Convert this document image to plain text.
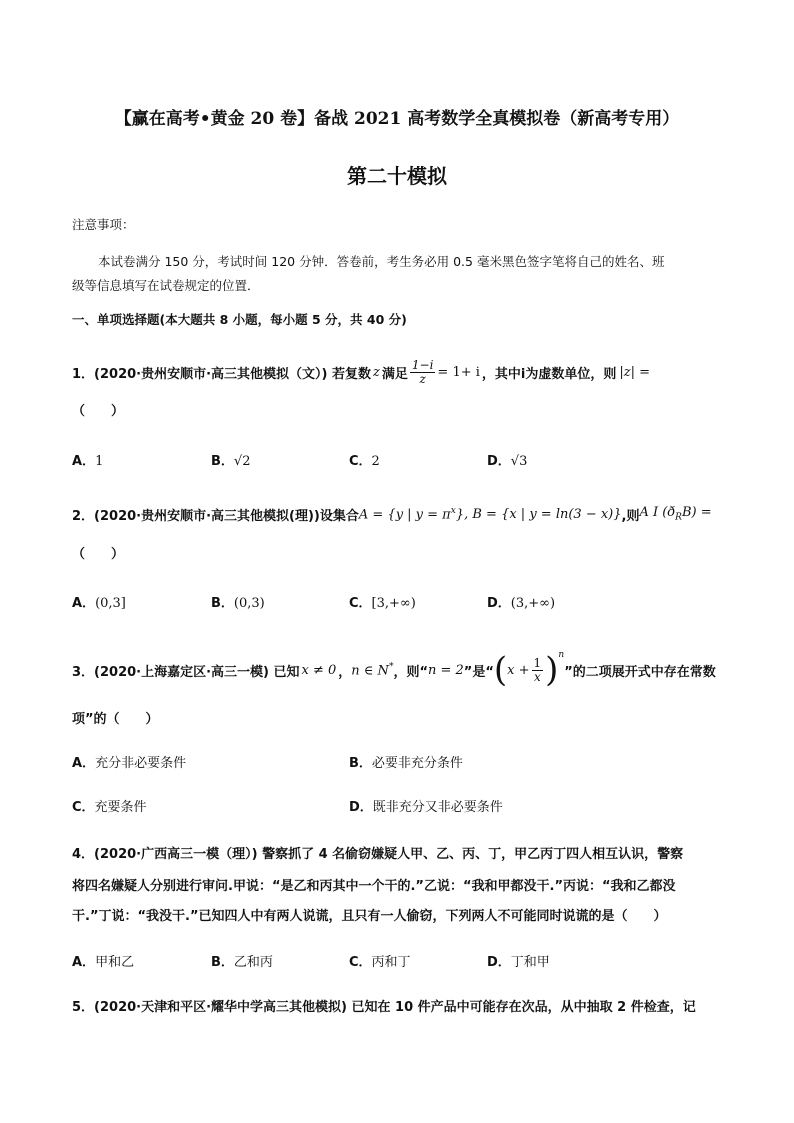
【赢在高考•黄金 20 卷】备战 2021 高考数学全真模拟卷（新高考专用）
第二十模拟
注意事项：
本试卷满分 150 分，考试时间 120 分钟．答卷前，考生务必用 0.5 毫米黑色签字笔将自己的姓名、班
级等信息填写在试卷规定的位置．
一、单项选择题(本大题共 8 小题，每小题 5 分，共 40 分)
1．(2020·贵州安顺市·高三其他模拟（文）) 若复数 z 满足 $\frac{1-i}{z} = 1+ i$ ，其中i为虚数单位，则 |z| =
（　　）
A．1	B．√2	C．2	D．√3
2．(2020·贵州安顺市·高三其他模拟(理))设集合 A = {y | $y = \pi^x$} , B = {x | y = ln(3 − x)} ,则 A I $(ð_RB)$ =
（　　）
A．(0,3]	B．(0,3)	C．[3,+∞)	D．(3,+∞)
3．(2020·上海嘉定区·高三一模) 已知 x ≠ 0 ， n ∈ N* ，则“ n = 2 ”是“ ( $x + \frac{1}{x}$ ) n
”的二项展开式中存在常数
项”的（　　）
A．充分非必要条件	B．必要非充分条件
C．充要条件	D．既非充分又非必要条件
4．(2020·广西高三一模（理）) 警察抓了 4 名偷窃嫌疑人甲、乙、丙、丁，甲乙丙丁四人相互认识，警察
将四名嫌疑人分别进行审问.甲说：“是乙和丙其中一个干的.”乙说：“我和甲都没干.”丙说：“我和乙都没
干.”丁说：“我没干.”已知四人中有两人说谎，且只有一人偷窃，下列两人不可能同时说谎的是（　　）
A．甲和乙	B．乙和丙	C．丙和丁	D．丁和甲
5．(2020·天津和平区·耀华中学高三其他模拟) 已知在 10 件产品中可能存在次品，从中抽取 2 件检查，记
